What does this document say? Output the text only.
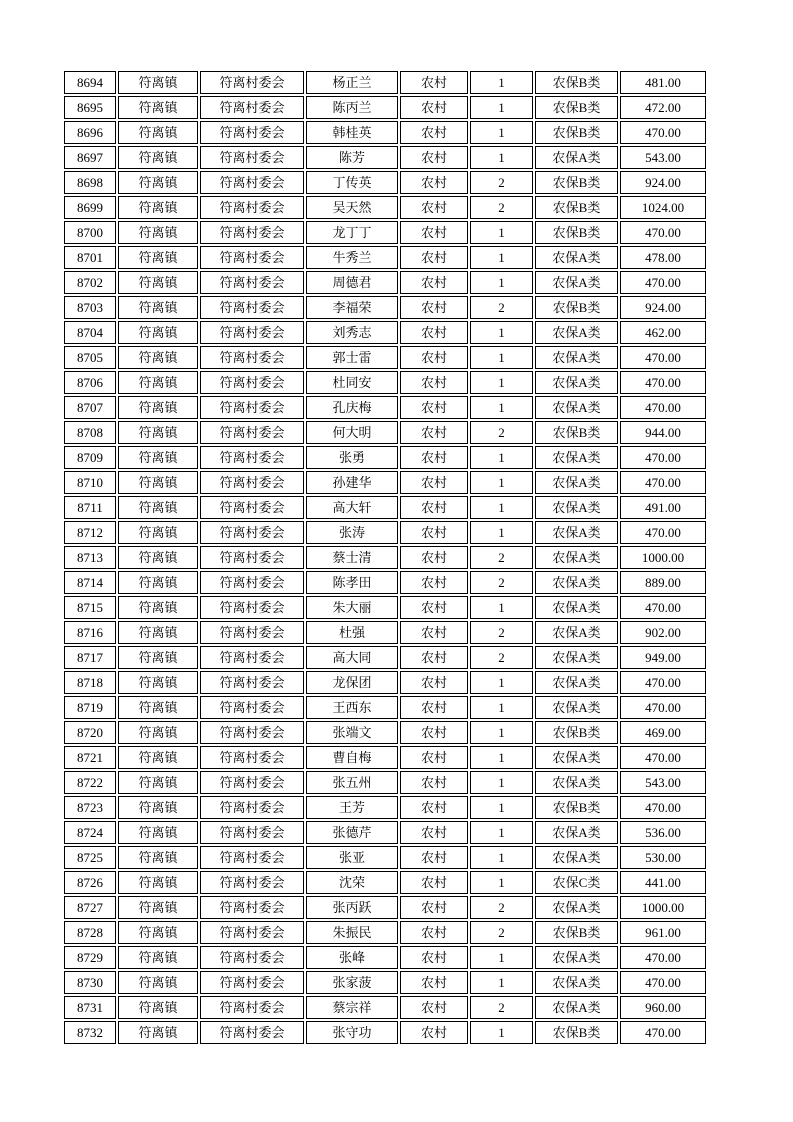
8694	符离镇	符离村委会	杨正兰	农村	1	农保B类	481.00
8695	符离镇	符离村委会	陈丙兰	农村	1	农保B类	472.00
8696	符离镇	符离村委会	韩桂英	农村	1	农保B类	470.00
8697	符离镇	符离村委会	陈芳	农村	1	农保A类	543.00
8698	符离镇	符离村委会	丁传英	农村	2	农保B类	924.00
8699	符离镇	符离村委会	吴天然	农村	2	农保B类	1024.00
8700	符离镇	符离村委会	龙丁丁	农村	1	农保B类	470.00
8701	符离镇	符离村委会	牛秀兰	农村	1	农保A类	478.00
8702	符离镇	符离村委会	周德君	农村	1	农保A类	470.00
8703	符离镇	符离村委会	李福荣	农村	2	农保B类	924.00
8704	符离镇	符离村委会	刘秀志	农村	1	农保A类	462.00
8705	符离镇	符离村委会	郭士雷	农村	1	农保A类	470.00
8706	符离镇	符离村委会	杜同安	农村	1	农保A类	470.00
8707	符离镇	符离村委会	孔庆梅	农村	1	农保A类	470.00
8708	符离镇	符离村委会	何大明	农村	2	农保B类	944.00
8709	符离镇	符离村委会	张勇	农村	1	农保A类	470.00
8710	符离镇	符离村委会	孙建华	农村	1	农保A类	470.00
8711	符离镇	符离村委会	高大轩	农村	1	农保A类	491.00
8712	符离镇	符离村委会	张涛	农村	1	农保A类	470.00
8713	符离镇	符离村委会	蔡士清	农村	2	农保A类	1000.00
8714	符离镇	符离村委会	陈孝田	农村	2	农保A类	889.00
8715	符离镇	符离村委会	朱大丽	农村	1	农保A类	470.00
8716	符离镇	符离村委会	杜强	农村	2	农保A类	902.00
8717	符离镇	符离村委会	高大同	农村	2	农保A类	949.00
8718	符离镇	符离村委会	龙保团	农村	1	农保A类	470.00
8719	符离镇	符离村委会	王西东	农村	1	农保A类	470.00
8720	符离镇	符离村委会	张端文	农村	1	农保B类	469.00
8721	符离镇	符离村委会	曹自梅	农村	1	农保A类	470.00
8722	符离镇	符离村委会	张五州	农村	1	农保A类	543.00
8723	符离镇	符离村委会	王芳	农村	1	农保B类	470.00
8724	符离镇	符离村委会	张德芹	农村	1	农保A类	536.00
8725	符离镇	符离村委会	张亚	农村	1	农保A类	530.00
8726	符离镇	符离村委会	沈荣	农村	1	农保C类	441.00
8727	符离镇	符离村委会	张丙跃	农村	2	农保A类	1000.00
8728	符离镇	符离村委会	朱振民	农村	2	农保B类	961.00
8729	符离镇	符离村委会	张峰	农村	1	农保A类	470.00
8730	符离镇	符离村委会	张家菠	农村	1	农保A类	470.00
8731	符离镇	符离村委会	蔡宗祥	农村	2	农保A类	960.00
8732	符离镇	符离村委会	张守功	农村	1	农保B类	470.00
